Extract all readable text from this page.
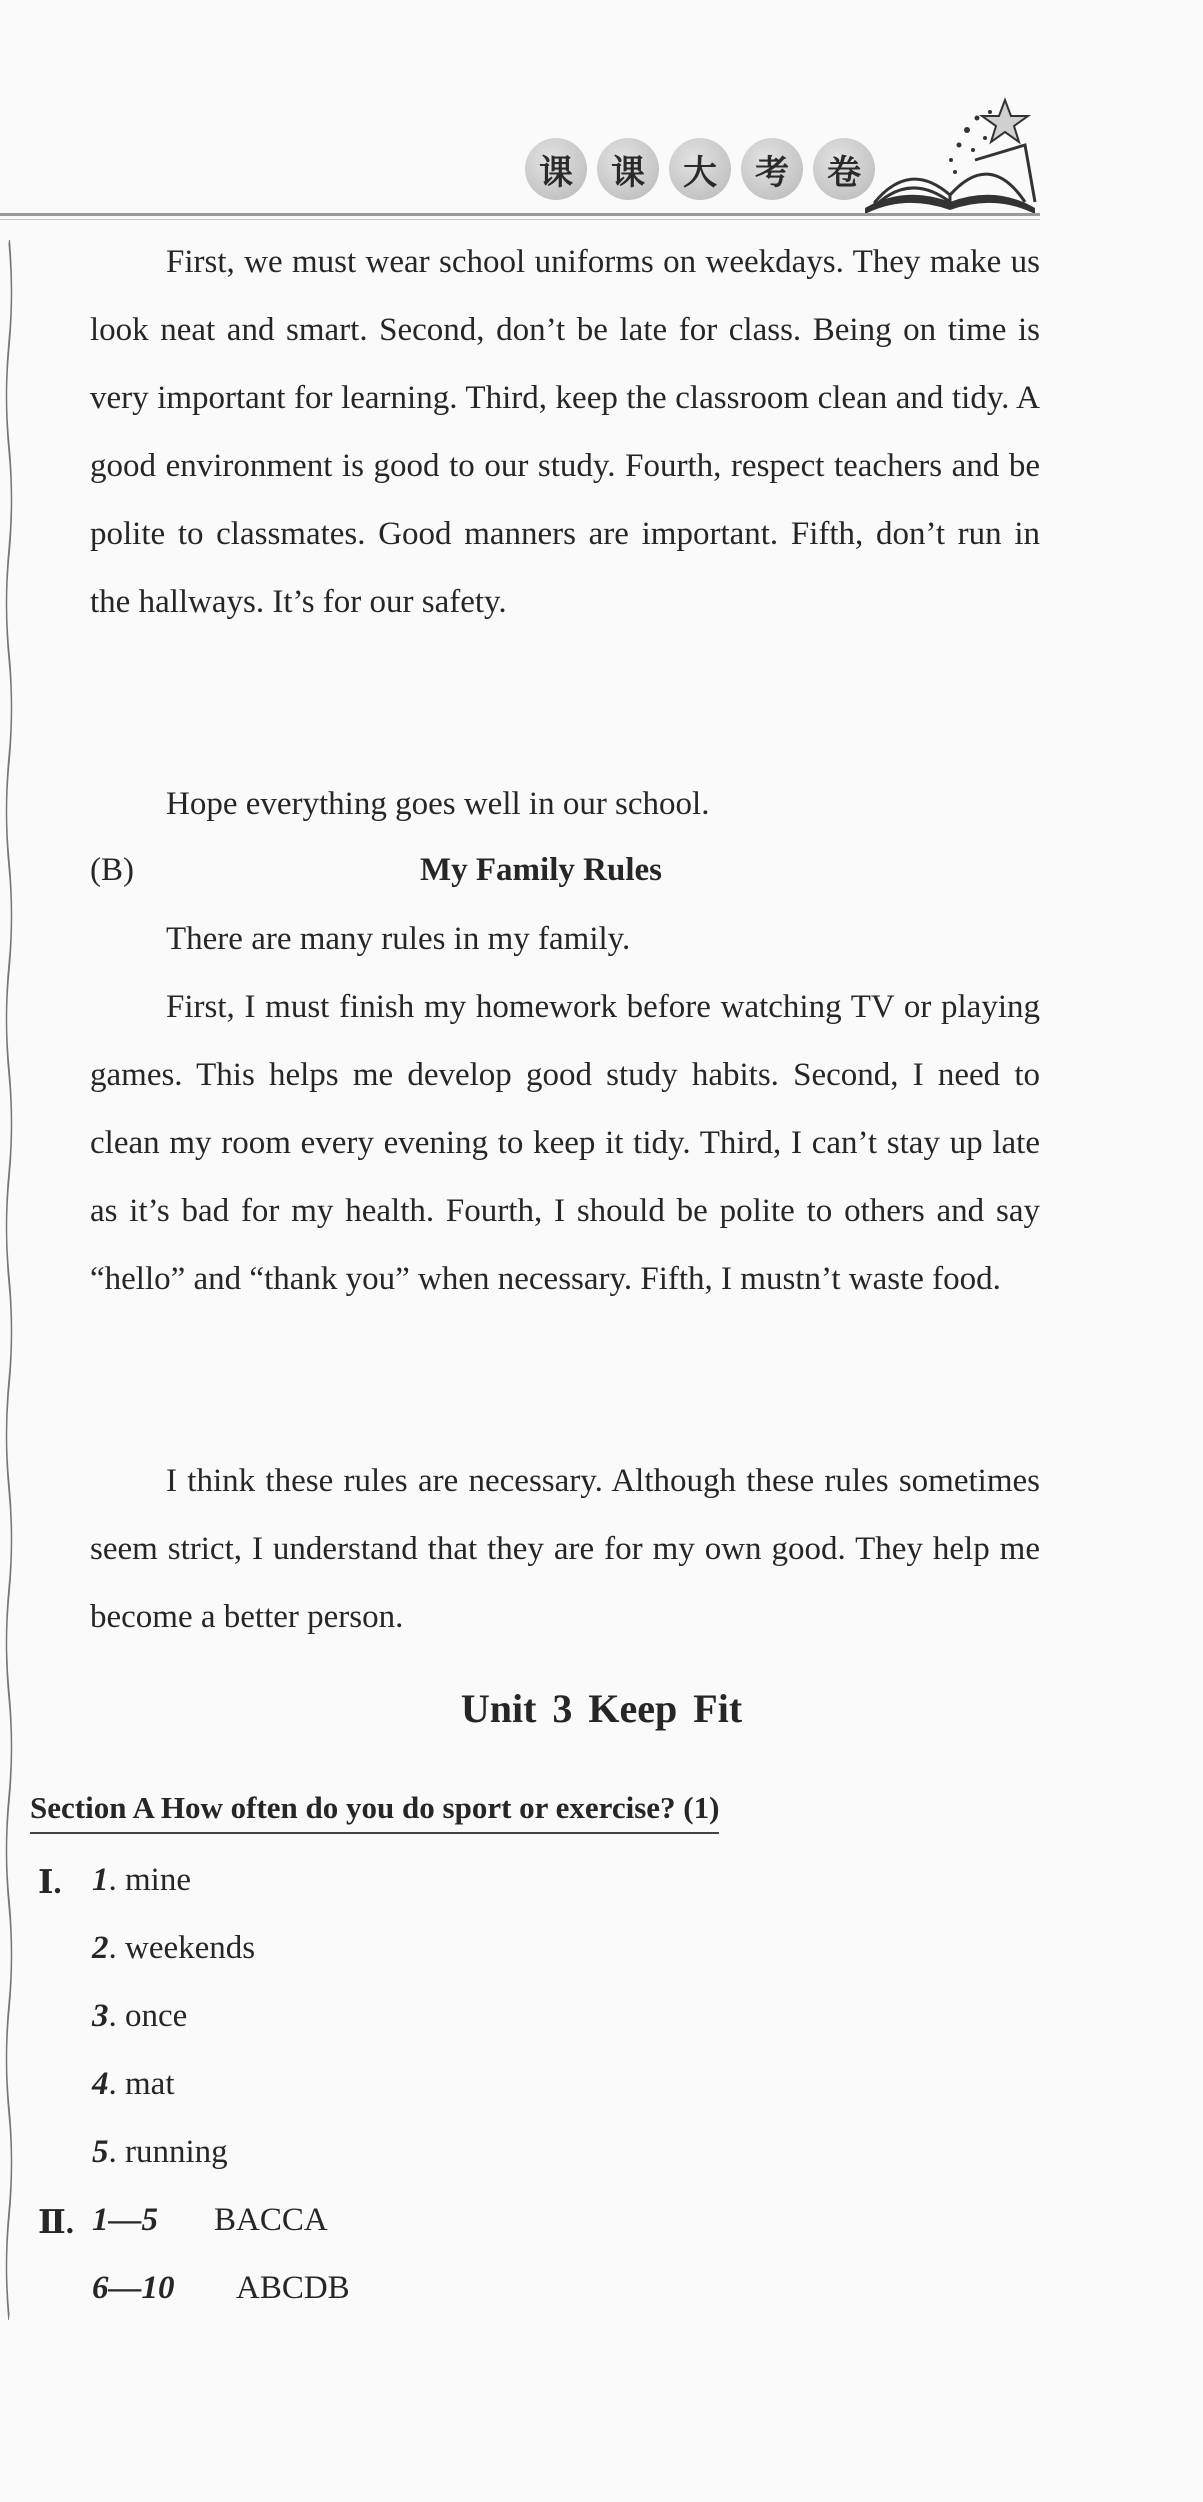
课	课	大	考	卷

First, we must wear school uniforms on weekdays. They make us look neat and smart. Second, don’t be late for class. Being on time is very important for learning. Third, keep the classroom clean and tidy. A good environment is good to our study. Fourth, respect teachers and be polite to classmates. Good manners are important. Fifth, don’t run in the hallways. It’s for our safety.

Hope everything goes well in our school.

(B)	My Family Rules

There are many rules in my family.

First, I must finish my homework before watching TV or playing games. This helps me develop good study habits. Second, I need to clean my room every evening to keep it tidy. Third, I can’t stay up late as it’s bad for my health. Fourth, I should be polite to others and say “hello” and “thank you” when necessary. Fifth, I mustn’t waste food.

I think these rules are necessary. Although these rules sometimes seem strict, I understand that they are for my own good. They help me become a better person.

Unit 3 Keep Fit
Section A How often do you do sport or exercise? (1)
Ⅰ. 1. mine
2. weekends
3. once
4. mat
5. running
Ⅱ. 1—5 BACCA
6—10 ABCDB
